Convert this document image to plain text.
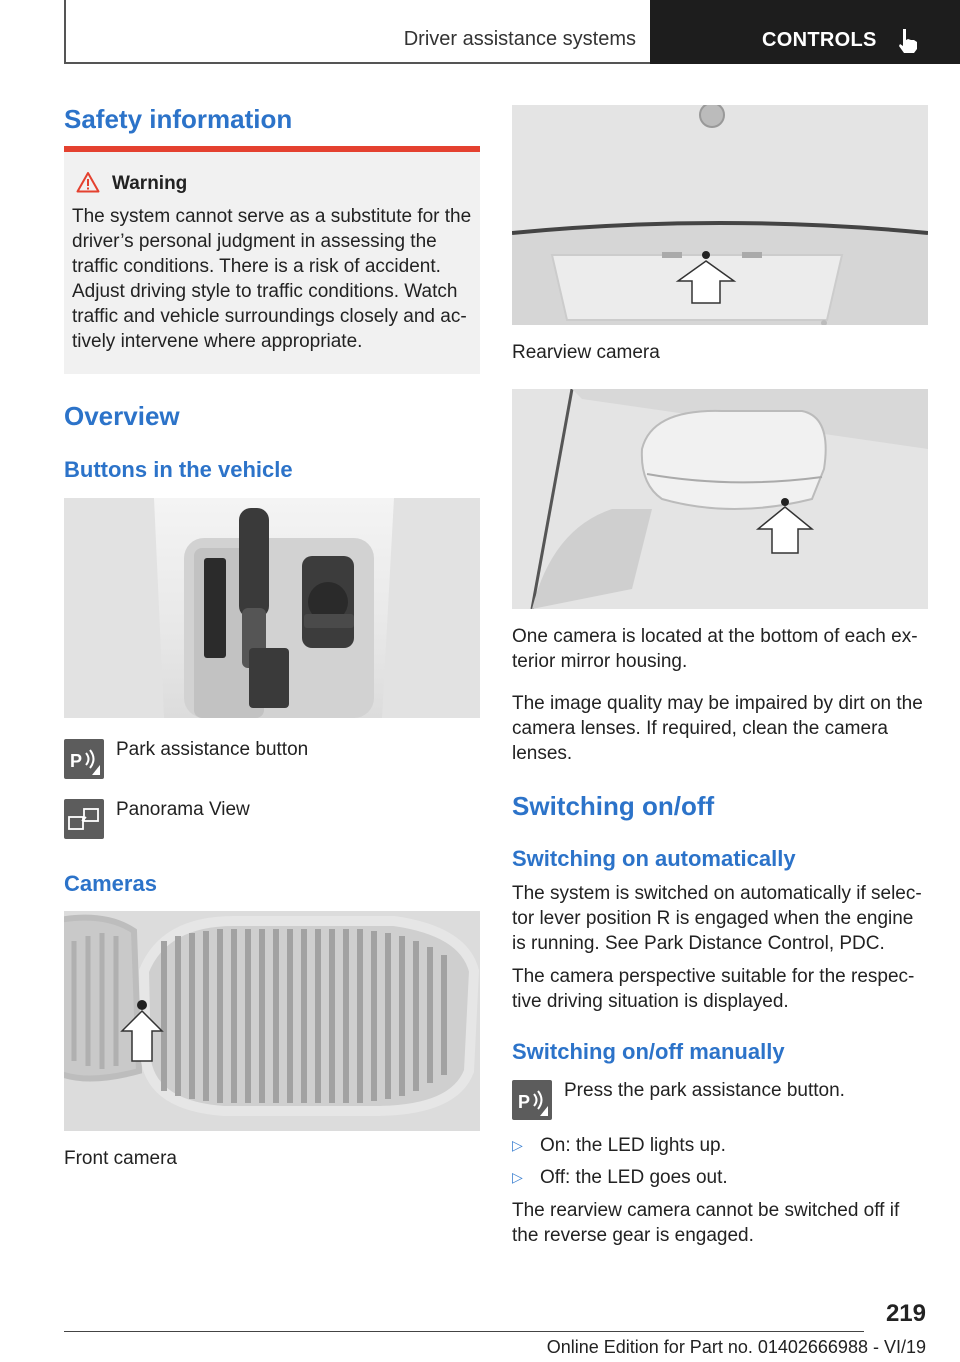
Driver assistance systems	CONTROLS
Safety information
Warning
The system cannot serve as a substitute for the driver’s personal judgment in assessing the traffic conditions. There is a risk of accident. Adjust driving style to traffic conditions. Watch traffic and vehicle surroundings closely and ac-tively intervene where appropriate.
Overview
Buttons in the vehicle
P
Park assistance button
Panorama View
Cameras
Front camera
Rearview camera
One camera is located at the bottom of each ex-terior mirror housing.
The image quality may be impaired by dirt on the camera lenses. If required, clean the camera lenses.
Switching on/off
Switching on automatically
The system is switched on automatically if selec-tor lever position R is engaged when the engine is running. See Park Distance Control, PDC.
The camera perspective suitable for the respec-tive driving situation is displayed.
Switching on/off manually
P
Press the park assistance button.
▷ On: the LED lights up.
▷ Off: the LED goes out.
The rearview camera cannot be switched off if the reverse gear is engaged.
219
Online Edition for Part no. 01402666988 - VI/19
